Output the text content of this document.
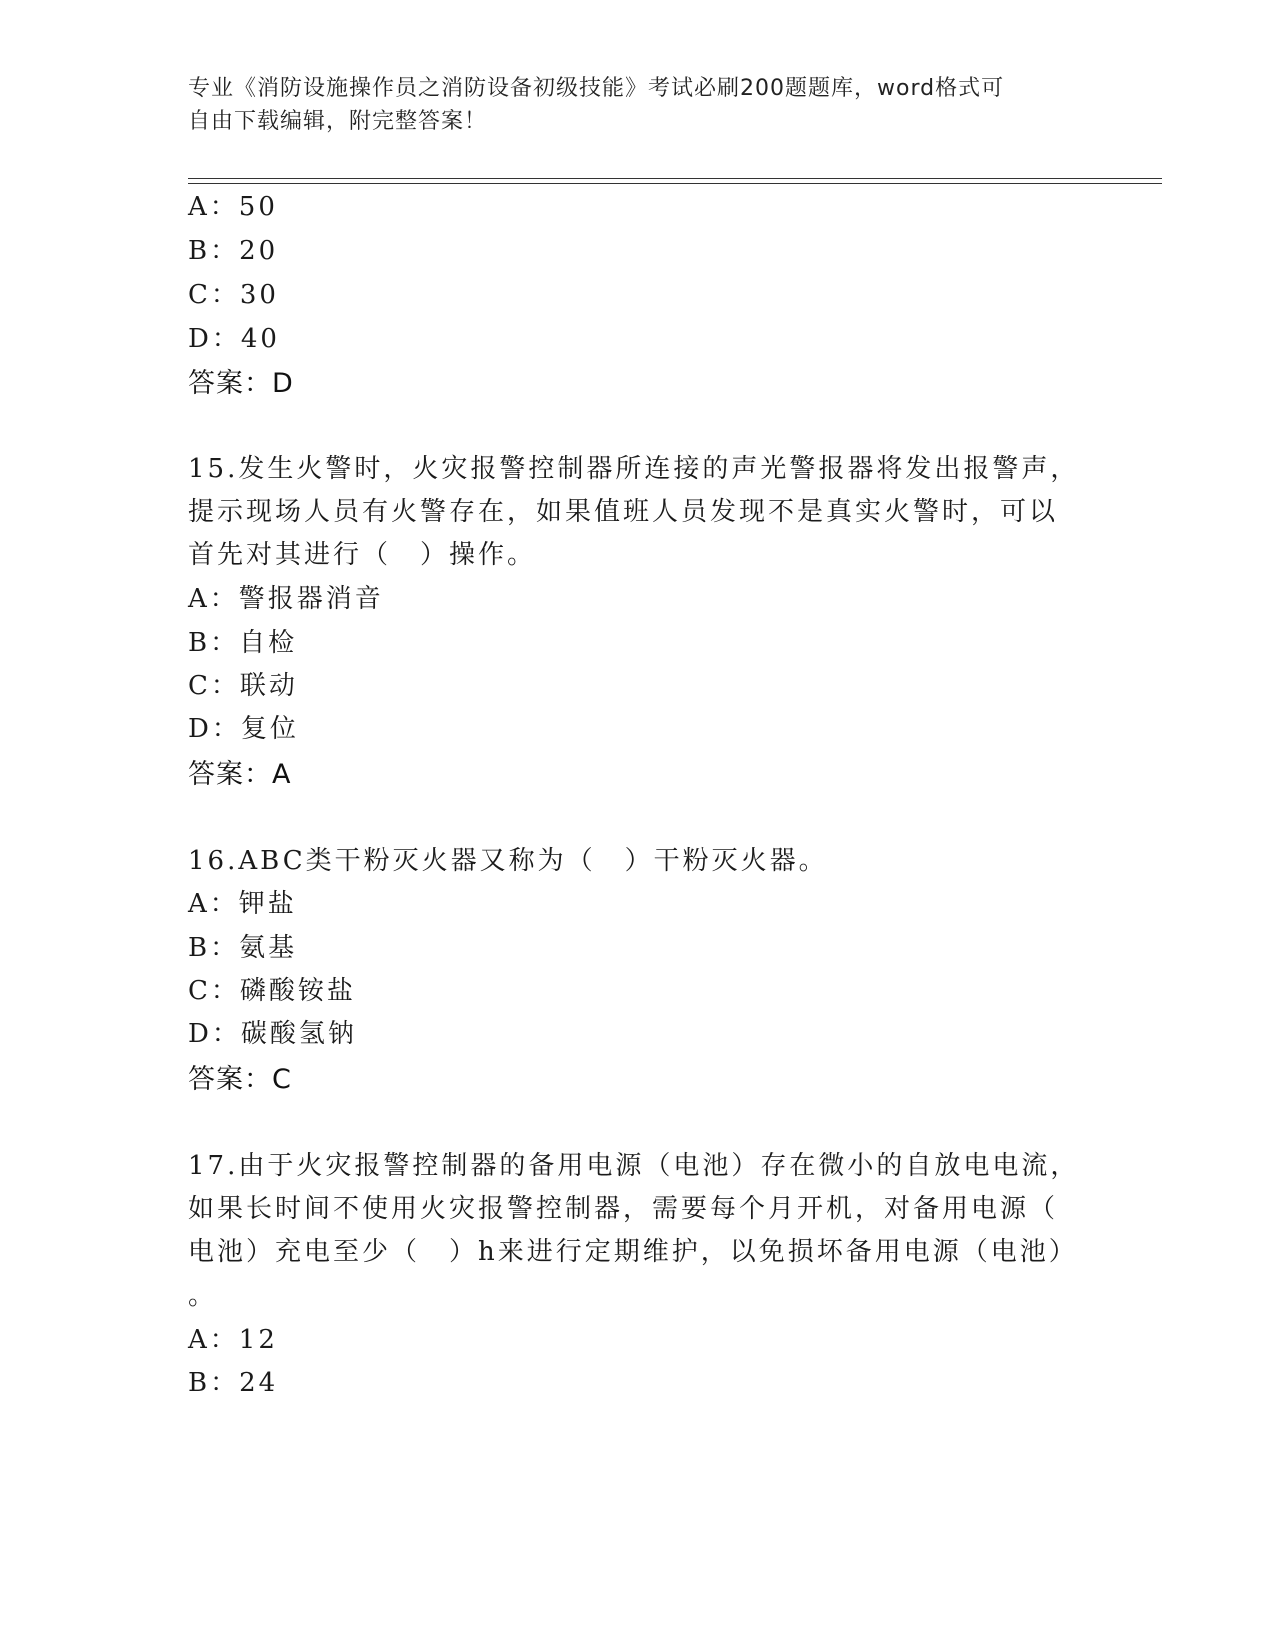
专业《消防设施操作员之消防设备初级技能》考试必刷200题题库，word格式可
自由下载编辑，附完整答案！
A：50
B：20
C：30
D：40
答案：D
15.发生火警时，火灾报警控制器所连接的声光警报器将发出报警声，
提示现场人员有火警存在，如果值班人员发现不是真实火警时，可以
首先对其进行（　）操作。
A：警报器消音
B：自检
C：联动
D：复位
答案：A
16.ABC类干粉灭火器又称为（　）干粉灭火器。
A：钾盐
B：氨基
C：磷酸铵盐
D：碳酸氢钠
答案：C
17.由于火灾报警控制器的备用电源（电池）存在微小的自放电电流，
如果长时间不使用火灾报警控制器，需要每个月开机，对备用电源（
电池）充电至少（　）h来进行定期维护，以免损坏备用电源（电池）
。
A：12
B：24
